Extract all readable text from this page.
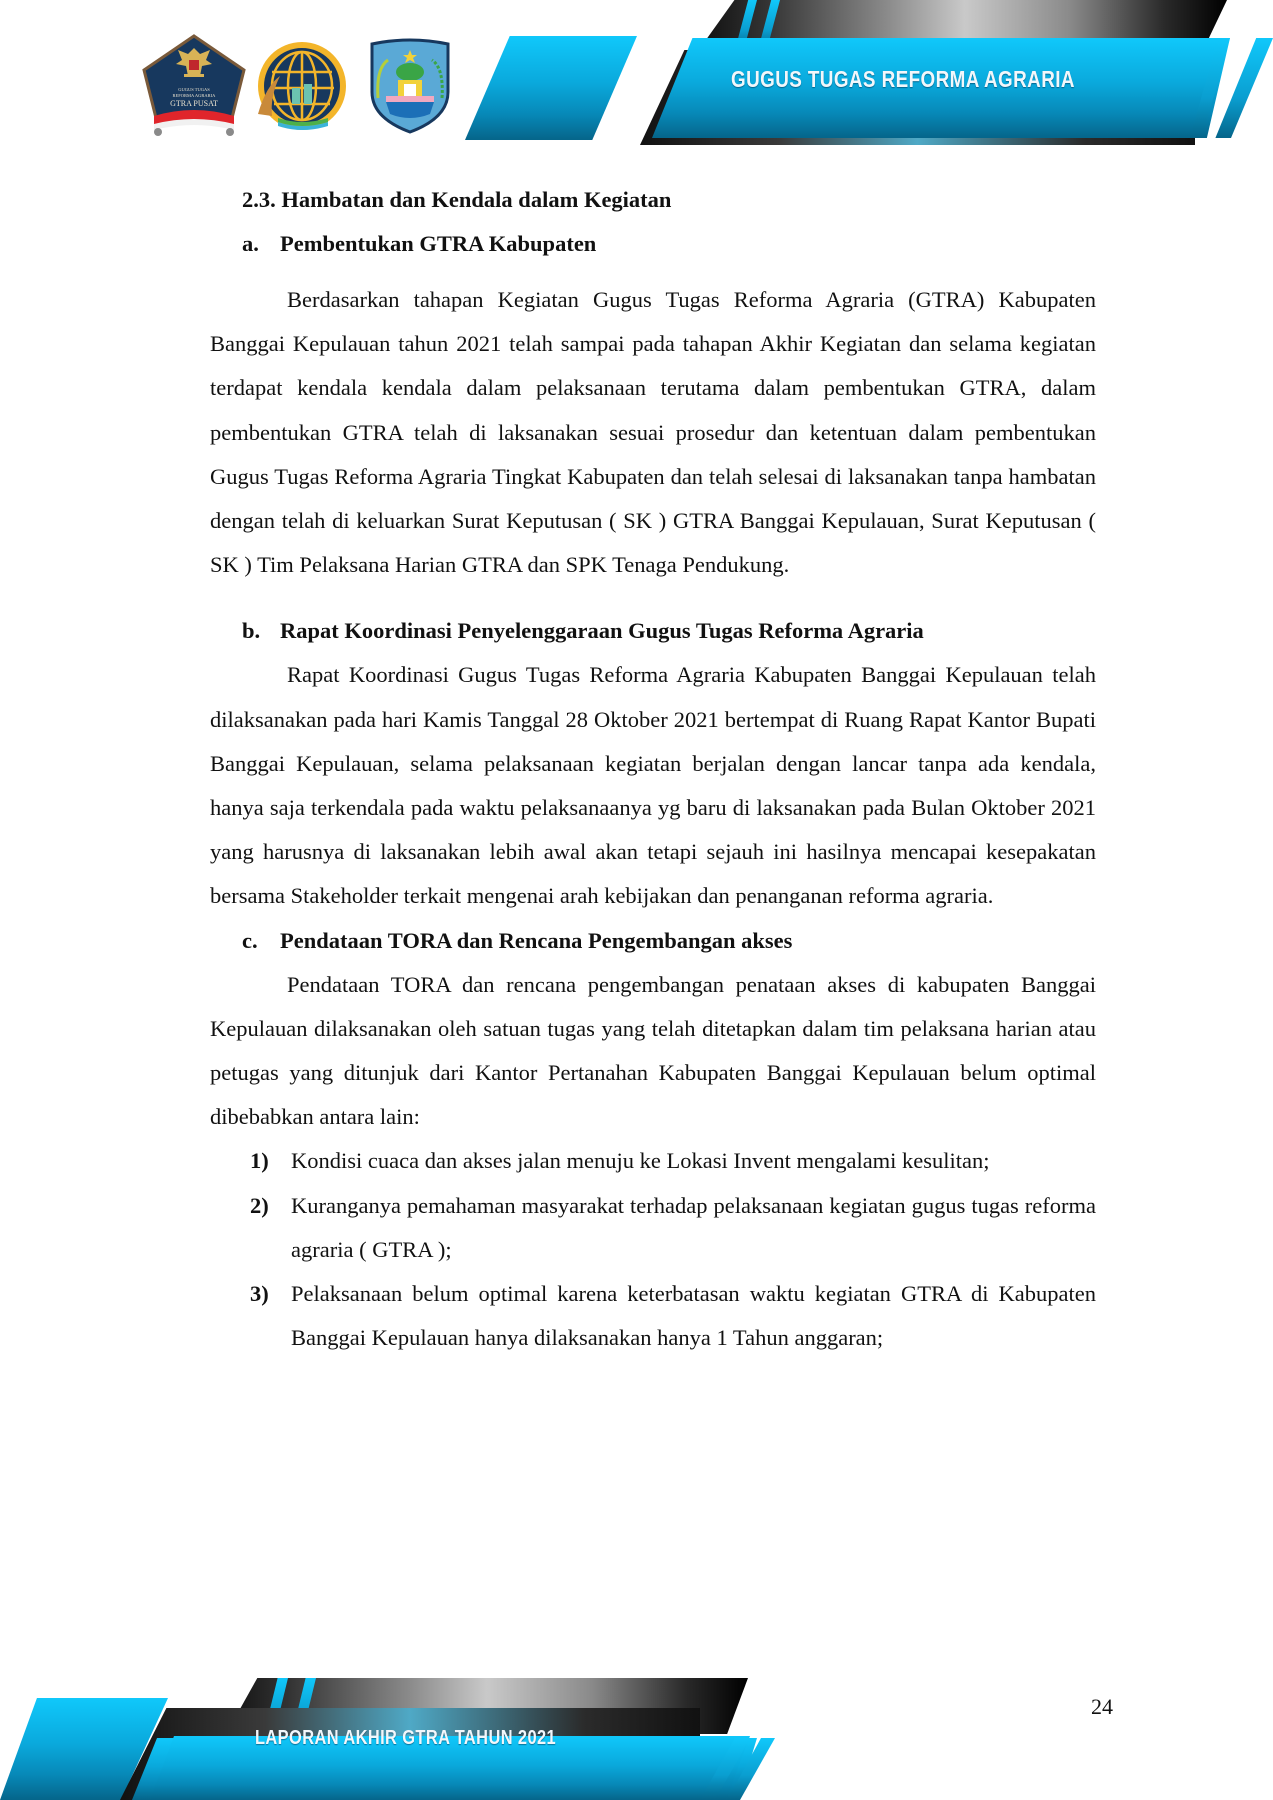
GUGUS TUGAS
REFORMA AGRARIA
GTRA PUSAT
GUGUS TUGAS REFORMA AGRARIA

2.3. Hambatan dan Kendala dalam Kegiatan

a. Pembentukan GTRA Kabupaten

Berdasarkan tahapan Kegiatan Gugus Tugas Reforma Agraria (GTRA) Kabupaten Banggai Kepulauan tahun 2021 telah sampai pada tahapan Akhir Kegiatan dan selama kegiatan terdapat kendala kendala dalam pelaksanaan terutama dalam pembentukan GTRA, dalam pembentukan GTRA telah di laksanakan sesuai prosedur dan ketentuan dalam pembentukan Gugus Tugas Reforma Agraria Tingkat Kabupaten dan telah selesai di laksanakan tanpa hambatan dengan telah di keluarkan Surat Keputusan ( SK ) GTRA Banggai Kepulauan, Surat Keputusan ( SK ) Tim Pelaksana Harian GTRA dan SPK Tenaga Pendukung.

b. Rapat Koordinasi Penyelenggaraan Gugus Tugas Reforma Agraria

Rapat Koordinasi Gugus Tugas Reforma Agraria Kabupaten Banggai Kepulauan telah dilaksanakan pada hari Kamis Tanggal 28 Oktober 2021 bertempat di Ruang Rapat Kantor Bupati Banggai Kepulauan, selama pelaksanaan kegiatan berjalan dengan lancar tanpa ada kendala, hanya saja terkendala pada waktu pelaksanaanya yg baru di laksanakan pada Bulan Oktober 2021 yang harusnya di laksanakan lebih awal akan tetapi sejauh ini hasilnya mencapai kesepakatan bersama Stakeholder terkait mengenai arah kebijakan dan penanganan reforma agraria.

c. Pendataan TORA dan Rencana Pengembangan akses

Pendataan TORA dan rencana pengembangan penataan akses di kabupaten Banggai Kepulauan dilaksanakan oleh satuan tugas yang telah ditetapkan dalam tim pelaksana harian atau petugas yang ditunjuk dari Kantor Pertanahan Kabupaten Banggai Kepulauan belum optimal dibebabkan antara lain:

1) Kondisi cuaca dan akses jalan menuju ke Lokasi Invent mengalami kesulitan;
2) Kuranganya pemahaman masyarakat terhadap pelaksanaan kegiatan gugus tugas reforma agraria ( GTRA );
3) Pelaksanaan belum optimal karena keterbatasan waktu kegiatan GTRA di Kabupaten Banggai Kepulauan hanya dilaksanakan hanya 1 Tahun anggaran;
LAPORAN AKHIR GTRA TAHUN 2021
24
